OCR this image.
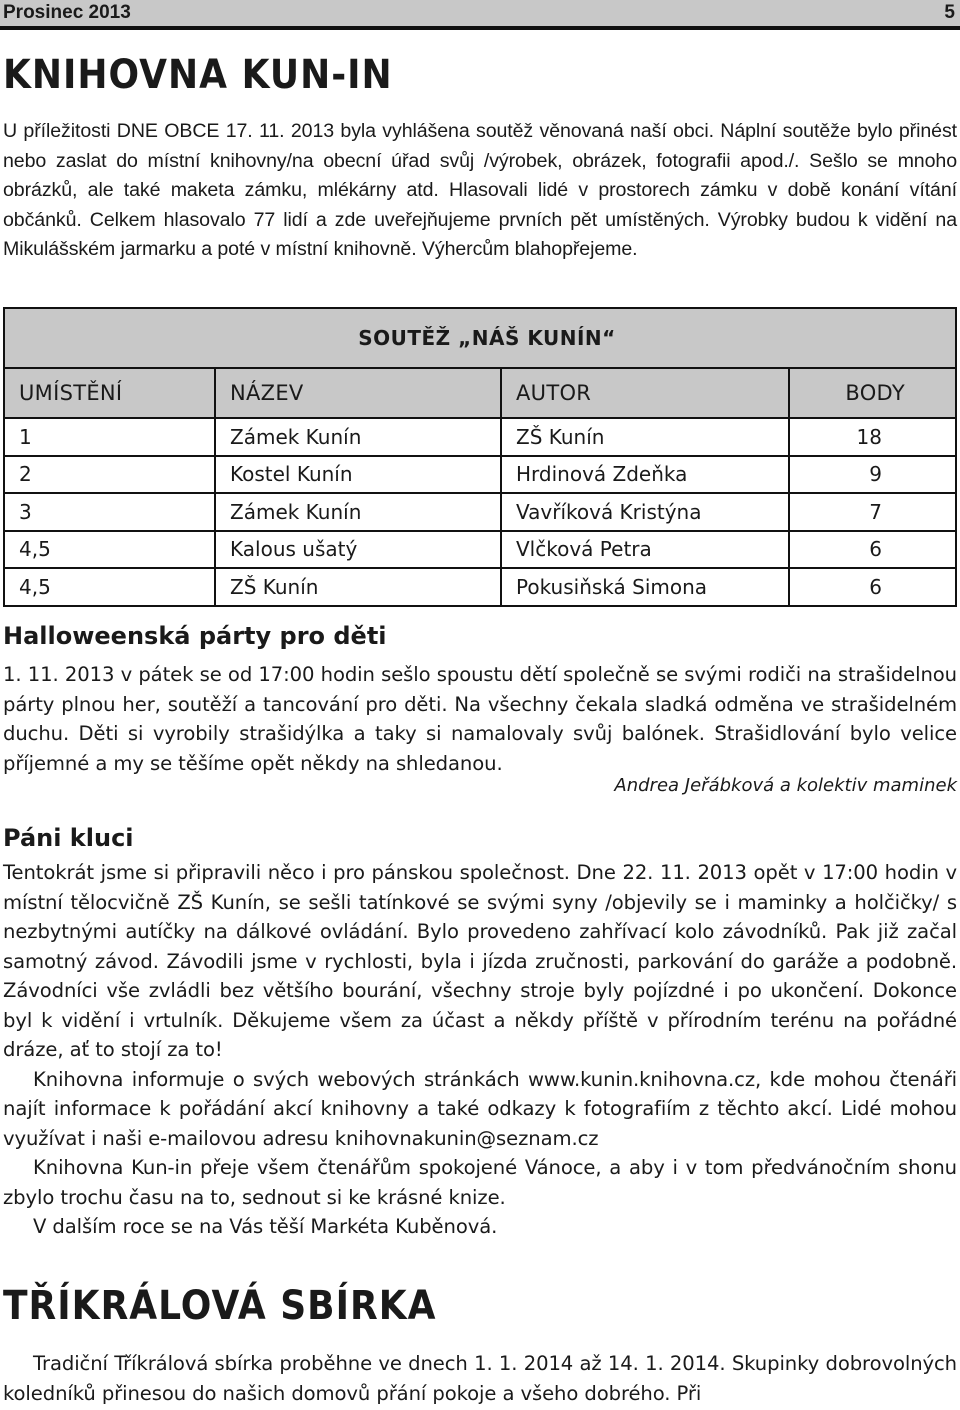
Prosinec 2013	5
KNIHOVNA KUN-IN

U příležitosti DNE OBCE 17. 11. 2013 byla vyhlášena soutěž věnovaná naší obci. Náplní soutěže bylo přinést nebo zaslat do místní knihovny/na obecní úřad svůj /výrobek, obrázek, fotografii apod./. Sešlo se mnoho obrázků, ale také maketa zámku, mlékárny atd. Hlasovali lidé v prostorech zámku v době konání vítání občánků. Celkem hlasovalo 77 lidí a zde uveřejňujeme prvních pět umístěných. Výrobky budou k vidění na Mikulášském jarmarku a poté v místní knihovně. Výhercům blahopřejeme.

SOUTĚŽ „NÁŠ KUNÍN“			
UMÍSTĚNÍ	NÁZEV	AUTOR	BODY
1	Zámek Kunín	ZŠ Kunín	18
2	Kostel Kunín	Hrdinová Zdeňka	9
3	Zámek Kunín	Vavříková Kristýna	7
4,5	Kalous ušatý	Vlčková Petra	6
4,5	ZŠ Kunín	Pokusiňská Simona	6
Halloweenská párty pro děti

1. 11. 2013 v pátek se od 17:00 hodin sešlo spoustu dětí společně se svými rodiči na strašidelnou párty plnou her, soutěží a tancování pro děti. Na všechny čekala sladká odměna ve strašidelném duchu. Děti si vyrobily strašidýlka a taky si namalovaly svůj balónek. Strašidlování bylo velice příjemné a my se těšíme opět někdy na shledanou.

Andrea Jeřábková a kolektiv maminek
Páni kluci
Tentokrát jsme si připravili něco i pro pánskou společnost. Dne 22. 11. 2013 opět v 17:00 hodin v místní tělocvičně ZŠ Kunín, se sešli tatínkové se svými syny /objevily se i maminky a holčičky/ s nezbytnými autíčky na dálkové ovládání. Bylo provedeno zahřívací kolo závodníků. Pak již začal samotný závod. Závodili jsme v rychlosti, byla i jízda zručnosti, parkování do garáže a podobně. Závodníci vše zvládli bez většího bourání, všechny stroje byly pojízdné i po ukončení. Dokonce byl k vidění i vrtulník. Děkujeme všem za účast a někdy příště v přírodním terénu na pořádné dráze, ať to stojí za to!
Knihovna informuje o svých webových stránkách www.kunin.knihovna.cz, kde mohou čtenáři najít informace k pořádání akcí knihovny a také odkazy k fotografiím z těchto akcí. Lidé mohou využívat i naši e-mailovou adresu knihovnakunin@seznam.cz
Knihovna Kun-in přeje všem čtenářům spokojené Vánoce, a aby i v tom předvánočním shonu zbylo trochu času na to, sednout si ke krásné knize.
V dalším roce se na Vás těší Markéta Kuběnová.
TŘÍKRÁLOVÁ SBÍRKA

Tradiční Tříkrálová sbírka proběhne ve dnech 1. 1. 2014 až 14. 1. 2014. Skupinky dobrovolných koledníků přinesou do našich domovů přání pokoje a všeho dobrého. Při
